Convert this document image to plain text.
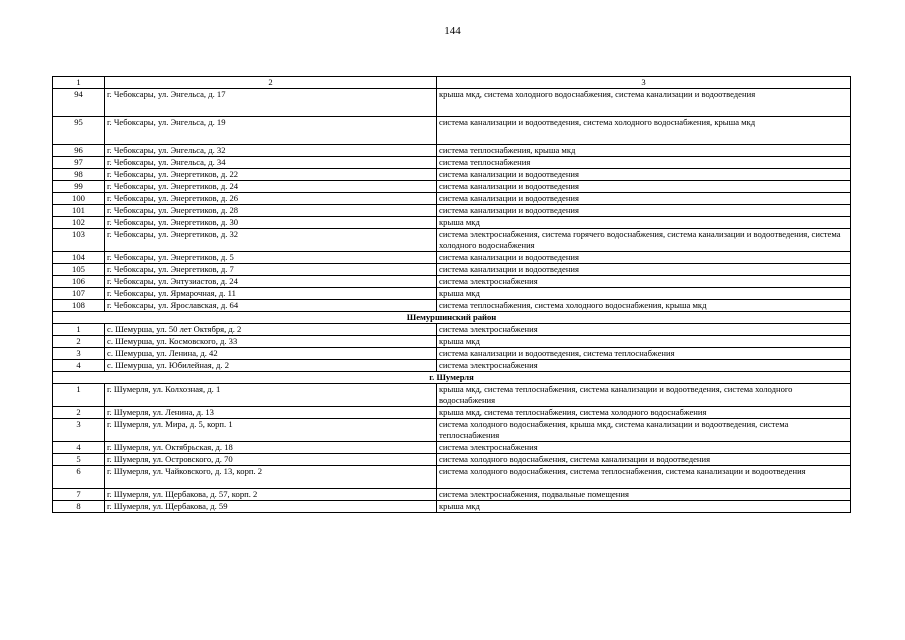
144
1	2	3
94	г. Чебоксары, ул. Энгельса, д. 17	крыша мкд, система холодного водоснабжения, система канализации и водоотведения
95	г. Чебоксары, ул. Энгельса, д. 19	система канализации и водоотведения, система холодного водоснабжения, крыша мкд
96	г. Чебоксары, ул. Энгельса, д. 32	система теплоснабжения, крыша мкд
97	г. Чебоксары, ул. Энгельса, д. 34	система теплоснабжения
98	г. Чебоксары, ул. Энергетиков, д. 22	система канализации и водоотведения
99	г. Чебоксары, ул. Энергетиков, д. 24	система канализации и водоотведения
100	г. Чебоксары, ул. Энергетиков, д. 26	система канализации и водоотведения
101	г. Чебоксары, ул. Энергетиков, д. 28	система канализации и водоотведения
102	г. Чебоксары, ул. Энергетиков, д. 30	крыша мкд
103	г. Чебоксары, ул. Энергетиков, д. 32	система электроснабжения, система горячего водоснабжения, система канализации и водоотведения, система холодного водоснабжения
104	г. Чебоксары, ул. Энергетиков, д. 5	система канализации и водоотведения
105	г. Чебоксары, ул. Энергетиков, д. 7	система канализации и водоотведения
106	г. Чебоксары, ул. Энтузиастов, д. 24	система электроснабжения
107	г. Чебоксары, ул. Ярмарочная, д. 11	крыша мкд
108	г. Чебоксары, ул. Ярославская, д. 64	система теплоснабжения, система холодного водоснабжения, крыша мкд
Шемуршинский район		
1	с. Шемурша, ул. 50 лет Октября, д. 2	система электроснабжения
2	с. Шемурша, ул. Космовского, д. 33	крыша мкд
3	с. Шемурша, ул. Ленина, д. 42	система канализации и водоотведения, система теплоснабжения
4	с. Шемурша, ул. Юбилейная, д. 2	система электроснабжения
г. Шумерля		
1	г. Шумерля, ул. Колхозная, д. 1	крыша мкд, система теплоснабжения, система канализации и водоотведения, система холодного водоснабжения
2	г. Шумерля, ул. Ленина, д. 13	крыша мкд, система теплоснабжения, система холодного водоснабжения
3	г. Шумерля, ул. Мира, д. 5, корп. 1	система холодного водоснабжения, крыша мкд, система канализации и водоотведения, система теплоснабжения
4	г. Шумерля, ул. Октябрьская, д. 18	система электроснабжения
5	г. Шумерля, ул. Островского, д. 70	система холодного водоснабжения, система канализации и водоотведения
6	г. Шумерля, ул. Чайковского, д. 13, корп. 2	система холодного водоснабжения, система теплоснабжения, система канализации и водоотведения
7	г. Шумерля, ул. Щербакова, д. 57, корп. 2	система электроснабжения, подвальные помещения
8	г. Шумерля, ул. Щербакова, д. 59	крыша мкд
